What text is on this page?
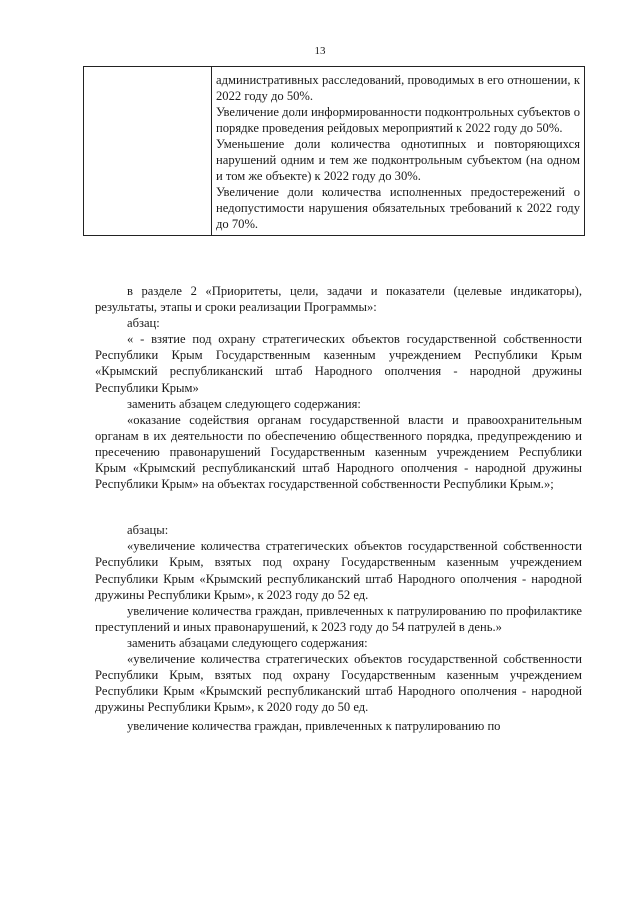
13

административных расследований, проводимых в его отношении, к 2022 году до 50%.

Увеличение доли информированности подконтрольных субъектов о порядке проведения рейдовых мероприятий к 2022 году до 50%.

Уменьшение доли количества однотипных и повторяющихся нарушений одним и тем же подконтрольным субъектом (на одном и том же объекте) к 2022 году до 30%.

Увеличение доли количества исполненных предостережений о недопустимости нарушения обязательных требований к 2022 году до 70%.

в разделе 2 «Приоритеты, цели, задачи и показатели (целевые индикаторы), результаты, этапы и сроки реализации Программы»:

абзац:

« - взятие под охрану стратегических объектов государственной собственности Республики Крым Государственным казенным учреждением Республики Крым «Крымский республиканский штаб Народного ополчения - народной дружины Республики Крым»

заменить абзацем следующего содержания:

«оказание содействия органам государственной власти и правоохранительным органам в их деятельности по обеспечению общественного порядка, предупреждению и пресечению правонарушений Государственным казенным учреждением Республики Крым «Крымский республиканский штаб Народного ополчения - народной дружины Республики Крым» на объектах государственной собственности Республики Крым.»;

абзацы:

«увеличение количества стратегических объектов государственной собственности Республики Крым, взятых под охрану Государственным казенным учреждением Республики Крым «Крымский республиканский штаб Народного ополчения - народной дружины Республики Крым», к 2023 году до 52 ед.

увеличение количества граждан, привлеченных к патрулированию по профилактике преступлений и иных правонарушений, к 2023 году до 54 патрулей в день.»

заменить абзацами следующего содержания:

«увеличение количества стратегических объектов государственной собственности Республики Крым, взятых под охрану Государственным казенным учреждением Республики Крым «Крымский республиканский штаб Народного ополчения - народной дружины Республики Крым», к 2020 году до 50 ед.

увеличение количества граждан, привлеченных к патрулированию по
